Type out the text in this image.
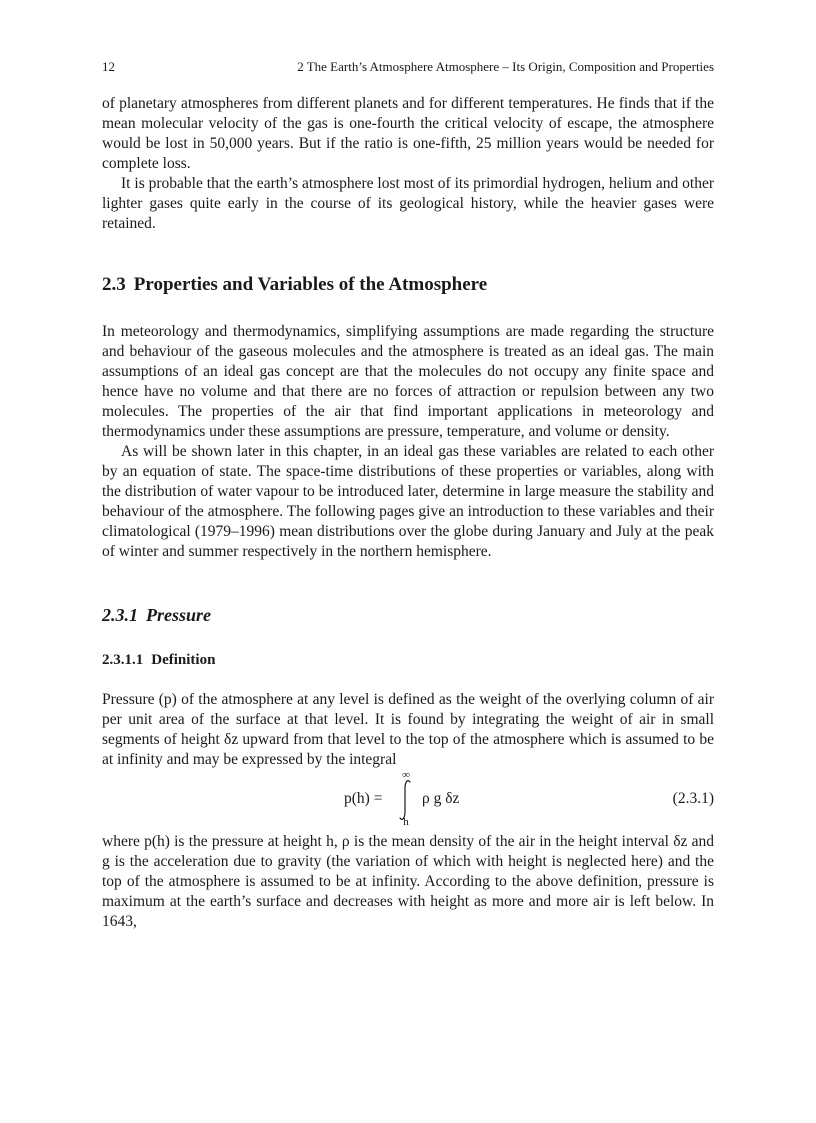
12	2 The Earth’s Atmosphere Atmosphere – Its Origin, Composition and Properties

of planetary atmospheres from different planets and for different temperatures. He finds that if the mean molecular velocity of the gas is one-fourth the critical velocity of escape, the atmosphere would be lost in 50,000 years. But if the ratio is one-fifth, 25 million years would be needed for complete loss.

It is probable that the earth’s atmosphere lost most of its primordial hydrogen, helium and other lighter gases quite early in the course of its geological history, while the heavier gases were retained.

2.3 Properties and Variables of the Atmosphere

In meteorology and thermodynamics, simplifying assumptions are made regarding the structure and behaviour of the gaseous molecules and the atmosphere is treated as an ideal gas. The main assumptions of an ideal gas concept are that the molecules do not occupy any finite space and hence have no volume and that there are no forces of attraction or repulsion between any two molecules. The properties of the air that find important applications in meteorology and thermodynamics under these assumptions are pressure, temperature, and volume or density.

As will be shown later in this chapter, in an ideal gas these variables are related to each other by an equation of state. The space-time distributions of these properties or variables, along with the distribution of water vapour to be introduced later, determine in large measure the stability and behaviour of the atmosphere. The following pages give an introduction to these variables and their climatological (1979–1996) mean distributions over the globe during January and July at the peak of winter and summer respectively in the northern hemisphere.

2.3.1 Pressure
2.3.1.1 Definition

Pressure (p) of the atmosphere at any level is defined as the weight of the overlying column of air per unit area of the surface at that level. It is found by integrating the weight of air in small segments of height δz upward from that level to the top of the atmosphere which is assumed to be at infinity and may be expressed by the integral

p(h) =
∞
h
ρ g δz	(2.3.1)

where p(h) is the pressure at height h, ρ is the mean density of the air in the height interval δz and g is the acceleration due to gravity (the variation of which with height is neglected here) and the top of the atmosphere is assumed to be at infinity. According to the above definition, pressure is maximum at the earth’s surface and decreases with height as more and more air is left below. In 1643,
